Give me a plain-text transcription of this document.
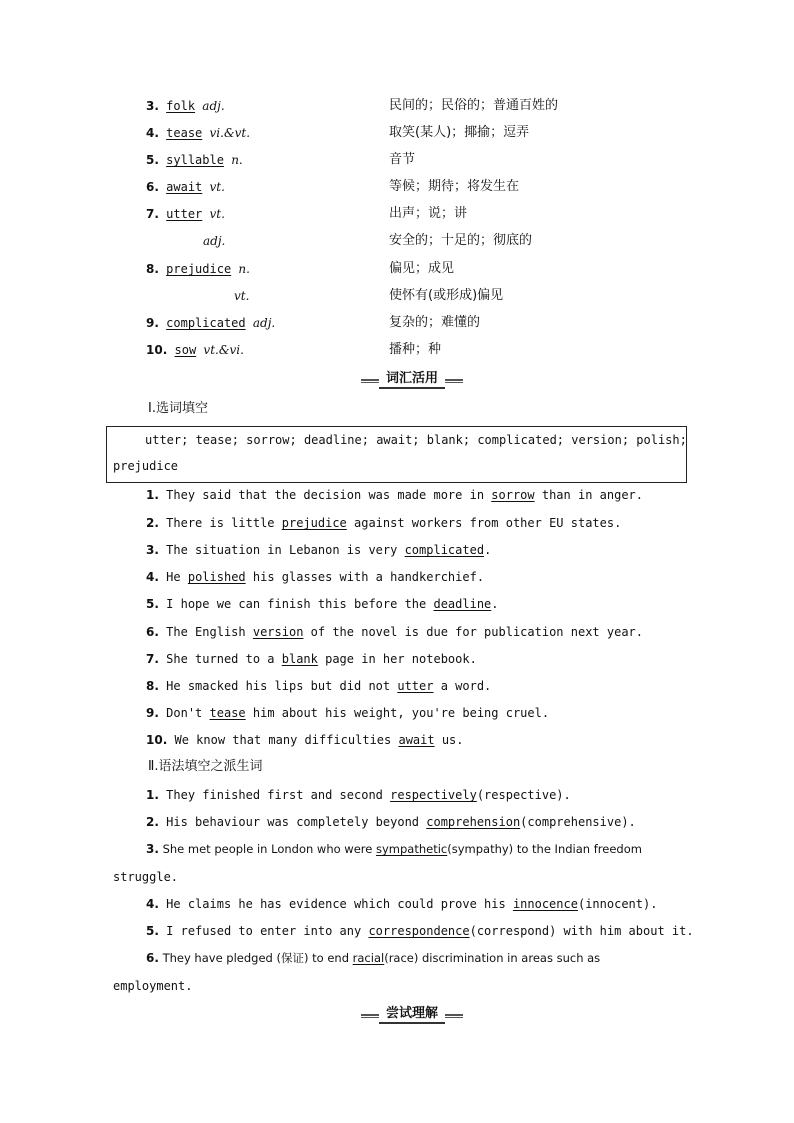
3. folk adj.	民间的；民俗的；普通百姓的
4. tease vi.&vt.	取笑(某人)；揶揄；逗弄
5. syllable n.	音节
6. await vt.	等候；期待；将发生在
7. utter vt.	出声；说；讲
adj.	安全的；十足的；彻底的
8. prejudice n.	偏见；成见
vt.	使怀有(或形成)偏见
9. complicated adj.	复杂的；难懂的
10. sow vt.&vi.	播种；种
词汇活用
Ⅰ.选词填空
utter; tease; sorrow; deadline; await; blank; complicated; version; polish;
prejudice
1. They said that the decision was made more in sorrow than in anger.
2. There is little prejudice against workers from other EU states.
3. The situation in Lebanon is very complicated.
4. He polished his glasses with a handkerchief.
5. I hope we can finish this before the deadline.
6. The English version of the novel is due for publication next year.
7. She turned to a blank page in her notebook.
8. He smacked his lips but did not utter a word.
9. Don't tease him about his weight, you're being cruel.
10. We know that many difficulties await us.
Ⅱ.语法填空之派生词
1. They finished first and second respectively(respective).
2. His behaviour was completely beyond comprehension(comprehensive).
3. She met people in London who were sympathetic(sympathy) to the Indian freedom
struggle.
4. He claims he has evidence which could prove his innocence(innocent).
5. I refused to enter into any correspondence(correspond) with him about it.
6. They have pledged (保证) to end racial(race) discrimination in areas such as
employment.
尝试理解
